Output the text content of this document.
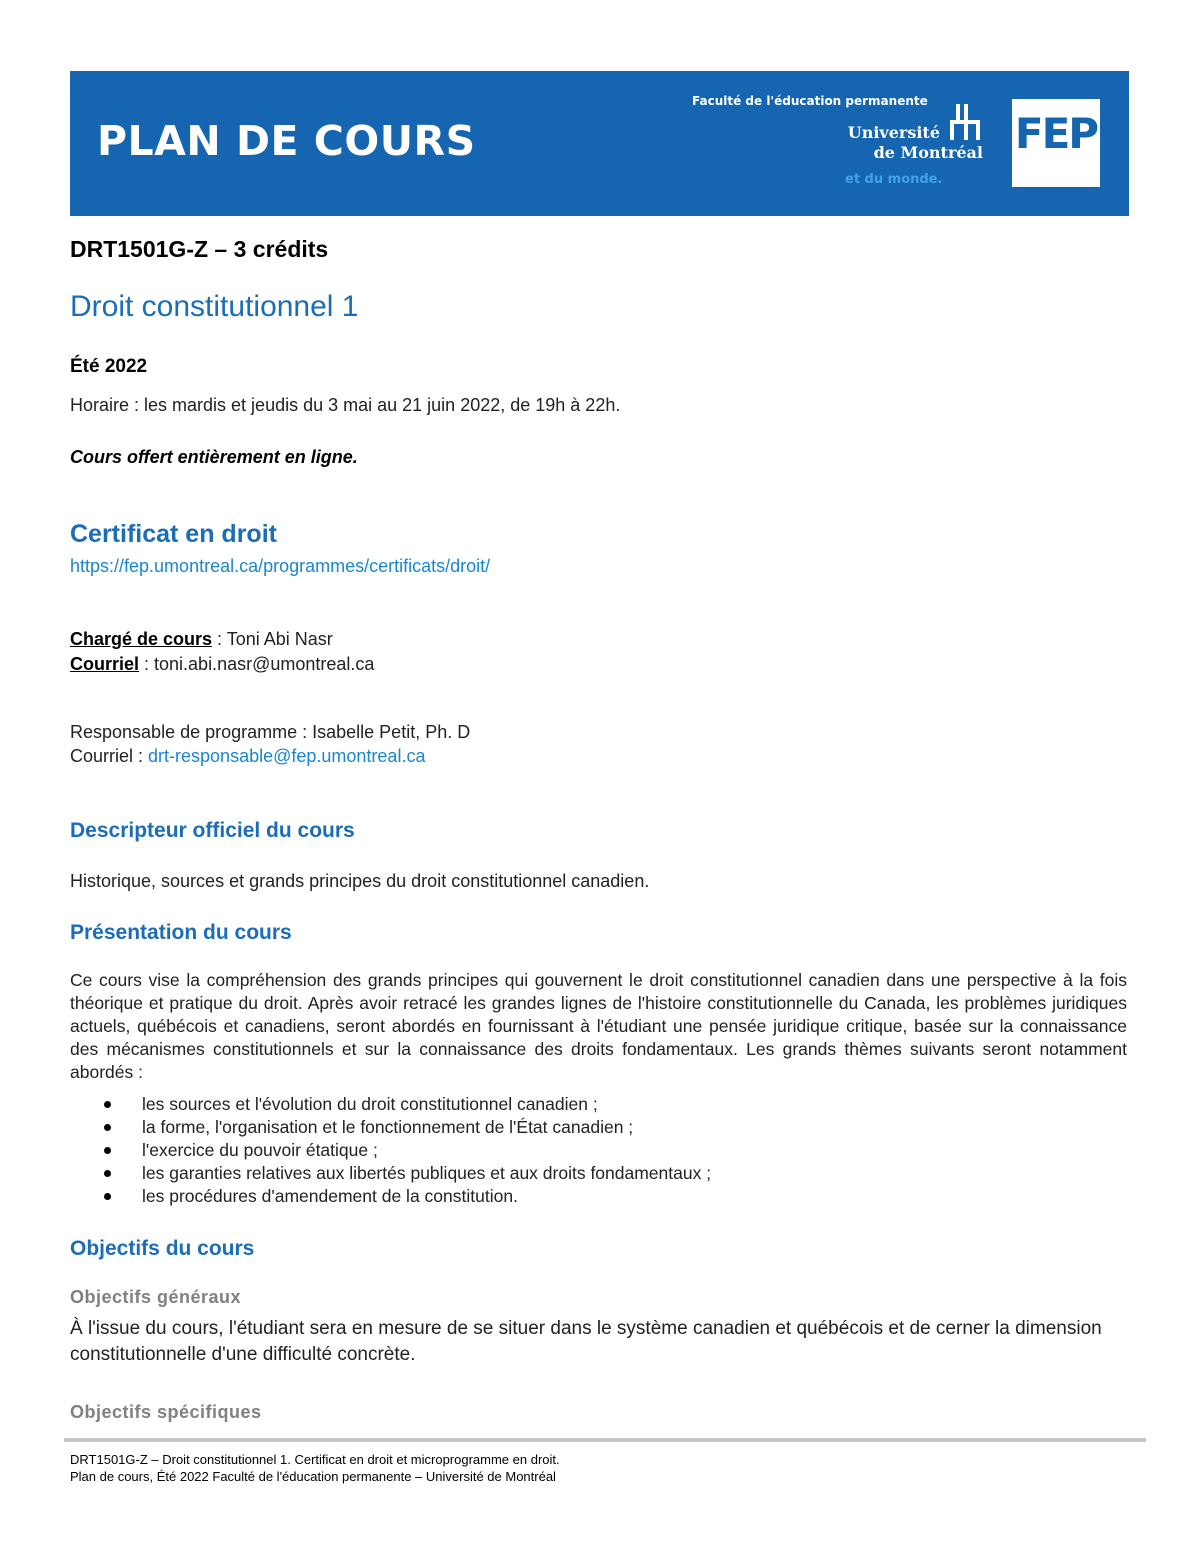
PLAN DE COURS
Faculté de l'éducation permanente
Université
de Montréal
et du monde.
FEP
DRT1501G-Z – 3 crédits
Droit constitutionnel 1
Été 2022
Horaire : les mardis et jeudis du 3 mai au 21 juin 2022, de 19h à 22h.
Cours offert entièrement en ligne.
Certificat en droit
https://fep.umontreal.ca/programmes/certificats/droit/
Chargé de cours : Toni Abi Nasr
Courriel : toni.abi.nasr@umontreal.ca
Responsable de programme : Isabelle Petit, Ph. D
Courriel : drt-responsable@fep.umontreal.ca
Descripteur officiel du cours
Historique, sources et grands principes du droit constitutionnel canadien.
Présentation du cours
Ce cours vise la compréhension des grands principes qui gouvernent le droit constitutionnel canadien dans une perspective à la fois théorique et pratique du droit. Après avoir retracé les grandes lignes de l'histoire constitutionnelle du Canada, les problèmes juridiques actuels, québécois et canadiens, seront abordés en fournissant à l'étudiant une pensée juridique critique, basée sur la connaissance des mécanismes constitutionnels et sur la connaissance des droits fondamentaux. Les grands thèmes suivants seront notamment abordés :
les sources et l'évolution du droit constitutionnel canadien ;
la forme, l'organisation et le fonctionnement de l'État canadien ;
l'exercice du pouvoir étatique ;
les garanties relatives aux libertés publiques et aux droits fondamentaux ;
les procédures d'amendement de la constitution.
Objectifs du cours
Objectifs généraux
À l'issue du cours, l'étudiant sera en mesure de se situer dans le système canadien et québécois et de cerner la dimension constitutionnelle d'une difficulté concrète.
Objectifs spécifiques
DRT1501G-Z – Droit constitutionnel 1. Certificat en droit et microprogramme en droit.
Plan de cours, Été 2022 Faculté de l'éducation permanente – Université de Montréal
